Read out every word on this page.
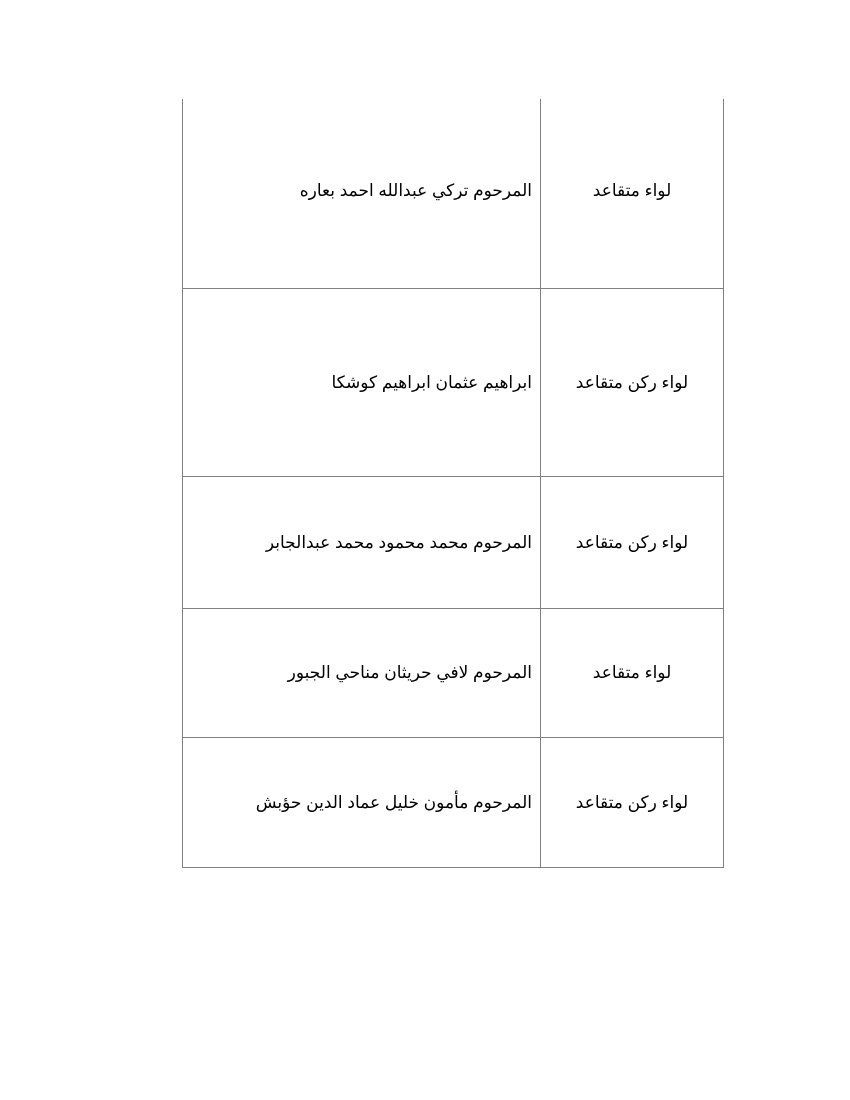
المرحوم تركي عبدالله احمد بعاره	لواء متقاعد
ابراهيم عثمان ابراهيم كوشكا	لواء ركن متقاعد
المرحوم محمد محمود محمد عبدالجابر	لواء ركن متقاعد
المرحوم لافي حريثان مناحي الجبور	لواء متقاعد
المرحوم مأمون خليل عماد الدين حؤبش	لواء ركن متقاعد
